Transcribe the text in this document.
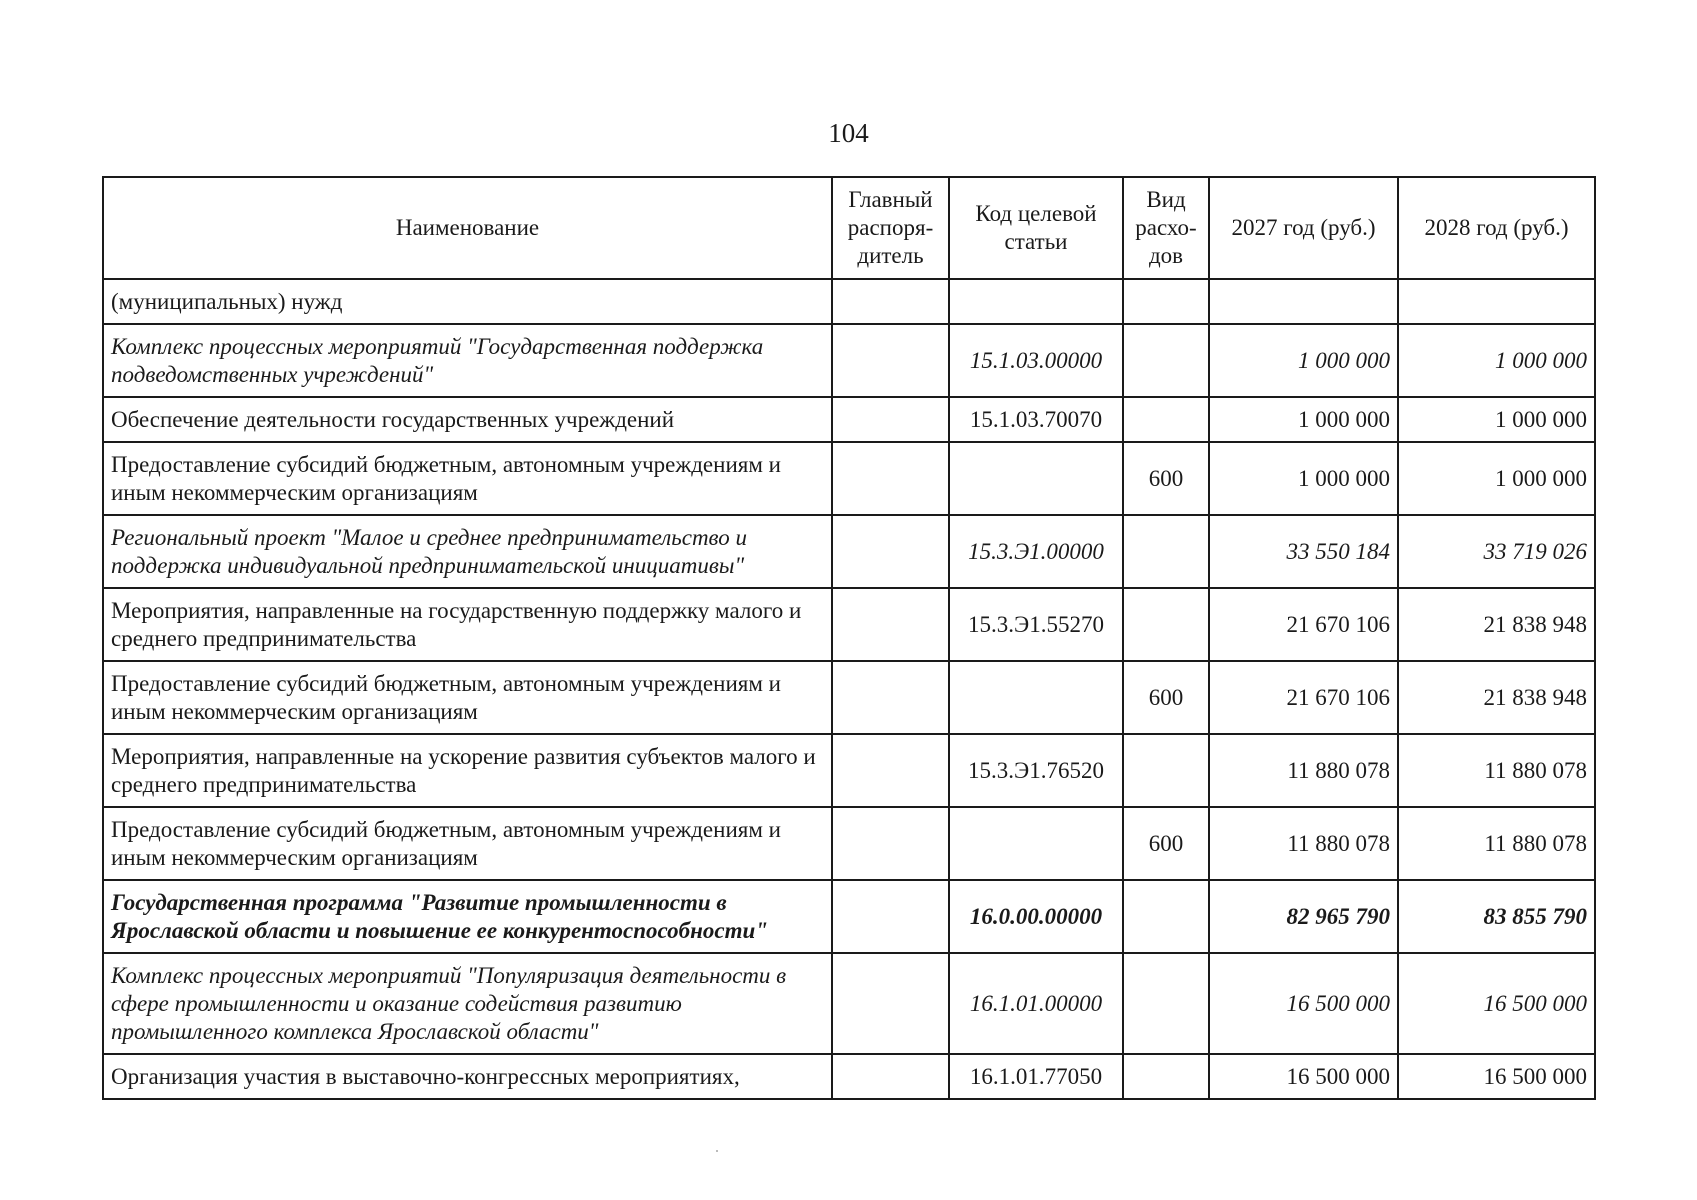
104
Наименование	Главный распоря-дитель	Код целевой статьи	Вид расхо-дов	2027 год (руб.)	2028 год (руб.)
(муниципальных) нужд					
Комплекс процессных мероприятий "Государственная поддержка подведомственных учреждений"		15.1.03.00000		1 000 000	1 000 000
Обеспечение деятельности государственных учреждений		15.1.03.70070		1 000 000	1 000 000
Предоставление субсидий бюджетным, автономным учреждениям и иным некоммерческим организациям			600	1 000 000	1 000 000
Региональный проект "Малое и среднее предпринимательство и поддержка индивидуальной предпринимательской инициативы"		15.3.Э1.00000		33 550 184	33 719 026
Мероприятия, направленные на государственную поддержку малого и среднего предпринимательства		15.3.Э1.55270		21 670 106	21 838 948
Предоставление субсидий бюджетным, автономным учреждениям и иным некоммерческим организациям			600	21 670 106	21 838 948
Мероприятия, направленные на ускорение развития субъектов малого и среднего предпринимательства		15.3.Э1.76520		11 880 078	11 880 078
Предоставление субсидий бюджетным, автономным учреждениям и иным некоммерческим организациям			600	11 880 078	11 880 078
Государственная программа "Развитие промышленности в Ярославской области и повышение ее конкурентоспособности"		16.0.00.00000		82 965 790	83 855 790
Комплекс процессных мероприятий "Популяризация деятельности в сфере промышленности и оказание содействия развитию промышленного комплекса Ярославской области"		16.1.01.00000		16 500 000	16 500 000
Организация участия в выставочно-конгрессных мероприятиях,		16.1.01.77050		16 500 000	16 500 000
